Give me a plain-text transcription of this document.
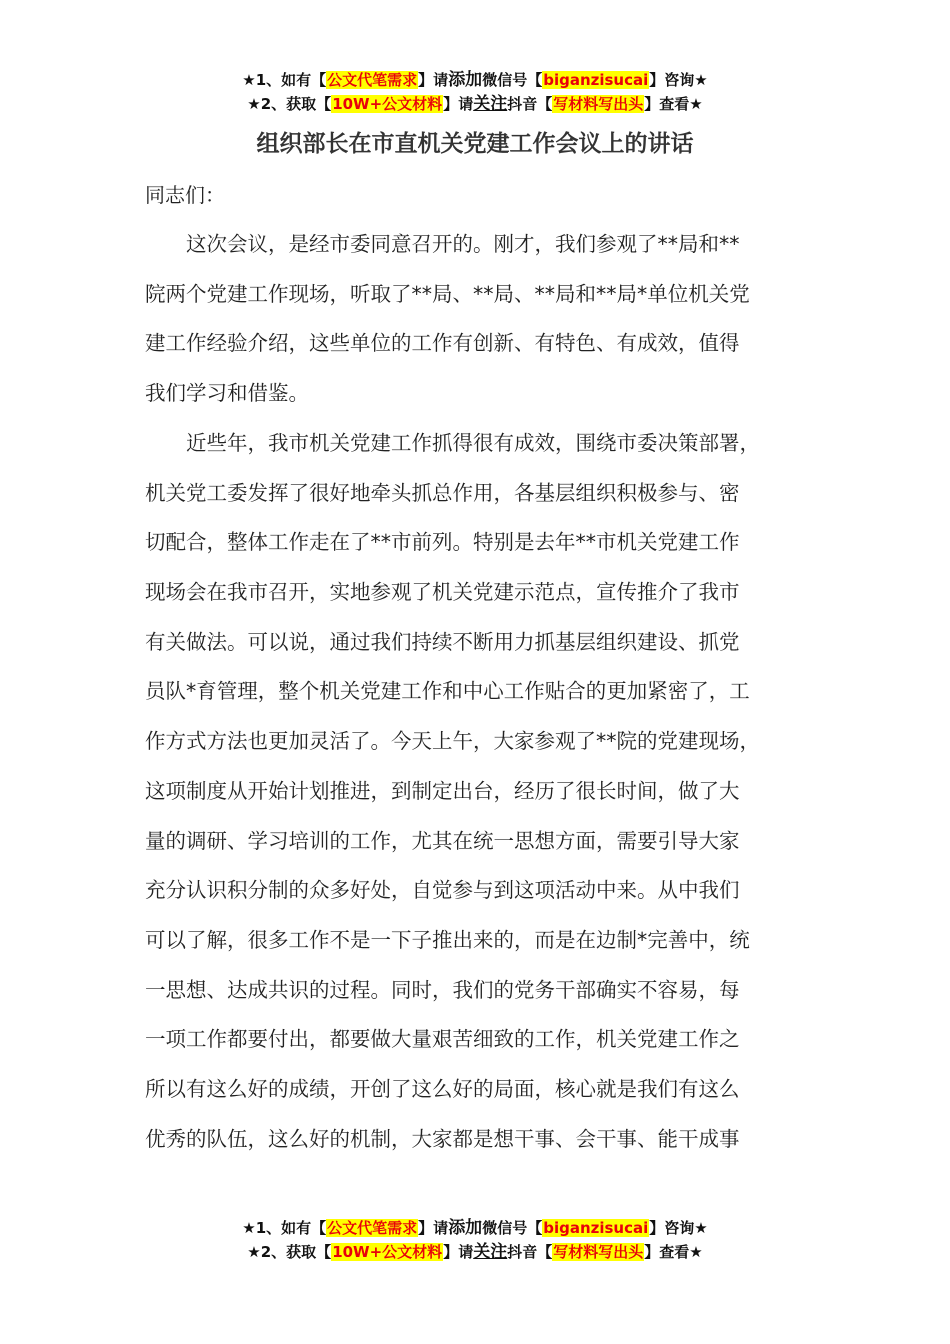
★1、如有【公文代笔需求】请添加微信号【biganzisucai】咨询★
★2、获取【10W+公文材料】请关注抖音【写材料写出头】查看★
组织部长在市直机关党建工作会议上的讲话
同志们：
　　这次会议，是经市委同意召开的。刚才，我们参观了**局和**
院两个党建工作现场，听取了**局、**局、**局和**局*单位机关党
建工作经验介绍，这些单位的工作有创新、有特色、有成效，值得
我们学习和借鉴。
　　近些年，我市机关党建工作抓得很有成效，围绕市委决策部署，
机关党工委发挥了很好地牵头抓总作用，各基层组织积极参与、密
切配合，整体工作走在了**市前列。特别是去年**市机关党建工作
现场会在我市召开，实地参观了机关党建示范点，宣传推介了我市
有关做法。可以说，通过我们持续不断用力抓基层组织建设、抓党
员队*育管理，整个机关党建工作和中心工作贴合的更加紧密了，工
作方式方法也更加灵活了。今天上午，大家参观了**院的党建现场，
这项制度从开始计划推进，到制定出台，经历了很长时间，做了大
量的调研、学习培训的工作，尤其在统一思想方面，需要引导大家
充分认识积分制的众多好处，自觉参与到这项活动中来。从中我们
可以了解，很多工作不是一下子推出来的，而是在边制*完善中，统
一思想、达成共识的过程。同时，我们的党务干部确实不容易，每
一项工作都要付出，都要做大量艰苦细致的工作，机关党建工作之
所以有这么好的成绩，开创了这么好的局面，核心就是我们有这么
优秀的队伍，这么好的机制，大家都是想干事、会干事、能干成事
★1、如有【公文代笔需求】请添加微信号【biganzisucai】咨询★
★2、获取【10W+公文材料】请关注抖音【写材料写出头】查看★
